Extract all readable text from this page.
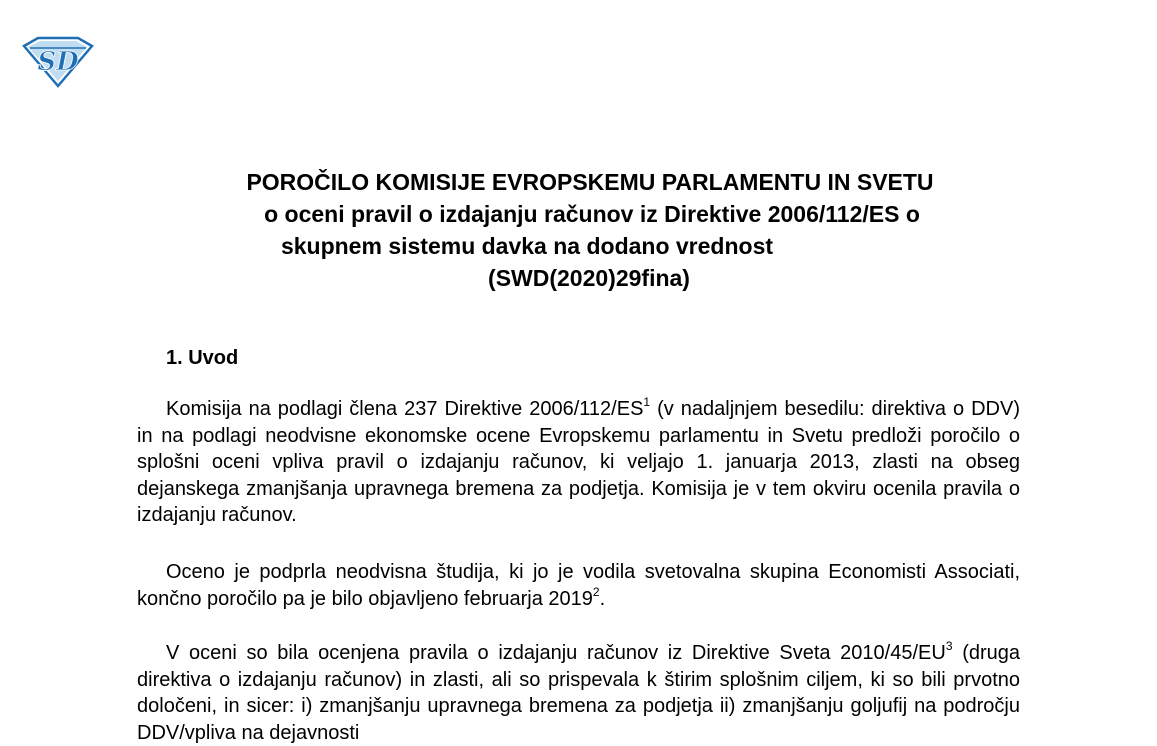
SD
POROČILO KOMISIJE EVROPSKEMU PARLAMENTU IN SVETU
o oceni pravil o izdajanju računov iz Direktive 2006/112/ES o
skupnem sistemu davka na dodano vrednost
(SWD(2020)29fina)
1. Uvod

Komisija na podlagi člena 237 Direktive $2006/112/ES^1$ (v nadaljnjem besedilu: direktiva o DDV) in na podlagi neodvisne ekonomske ocene Evropskemu parlamentu in Svetu predloži poročilo o splošni oceni vpliva pravil o izdajanju računov, ki veljajo 1. januarja 2013, zlasti na obseg dejanskega zmanjšanja upravnega bremena za podjetja. Komisija je v tem okviru ocenila pravila o izdajanju računov.

Oceno je podprla neodvisna študija, ki jo je vodila svetovalna skupina Economisti Associati, končno poročilo pa je bilo objavljeno februarja 2019$^2$.

V oceni so bila ocenjena pravila o izdajanju računov iz Direktive Sveta $2010/45/EU^3$ (druga direktiva o izdajanju računov) in zlasti, ali so prispevala k štirim splošnim ciljem, ki so bili prvotno določeni, in sicer: i) zmanjšanju upravnega bremena za podjetja ii) zmanjšanju goljufij na področju DDV/vpliva na dejavnosti
